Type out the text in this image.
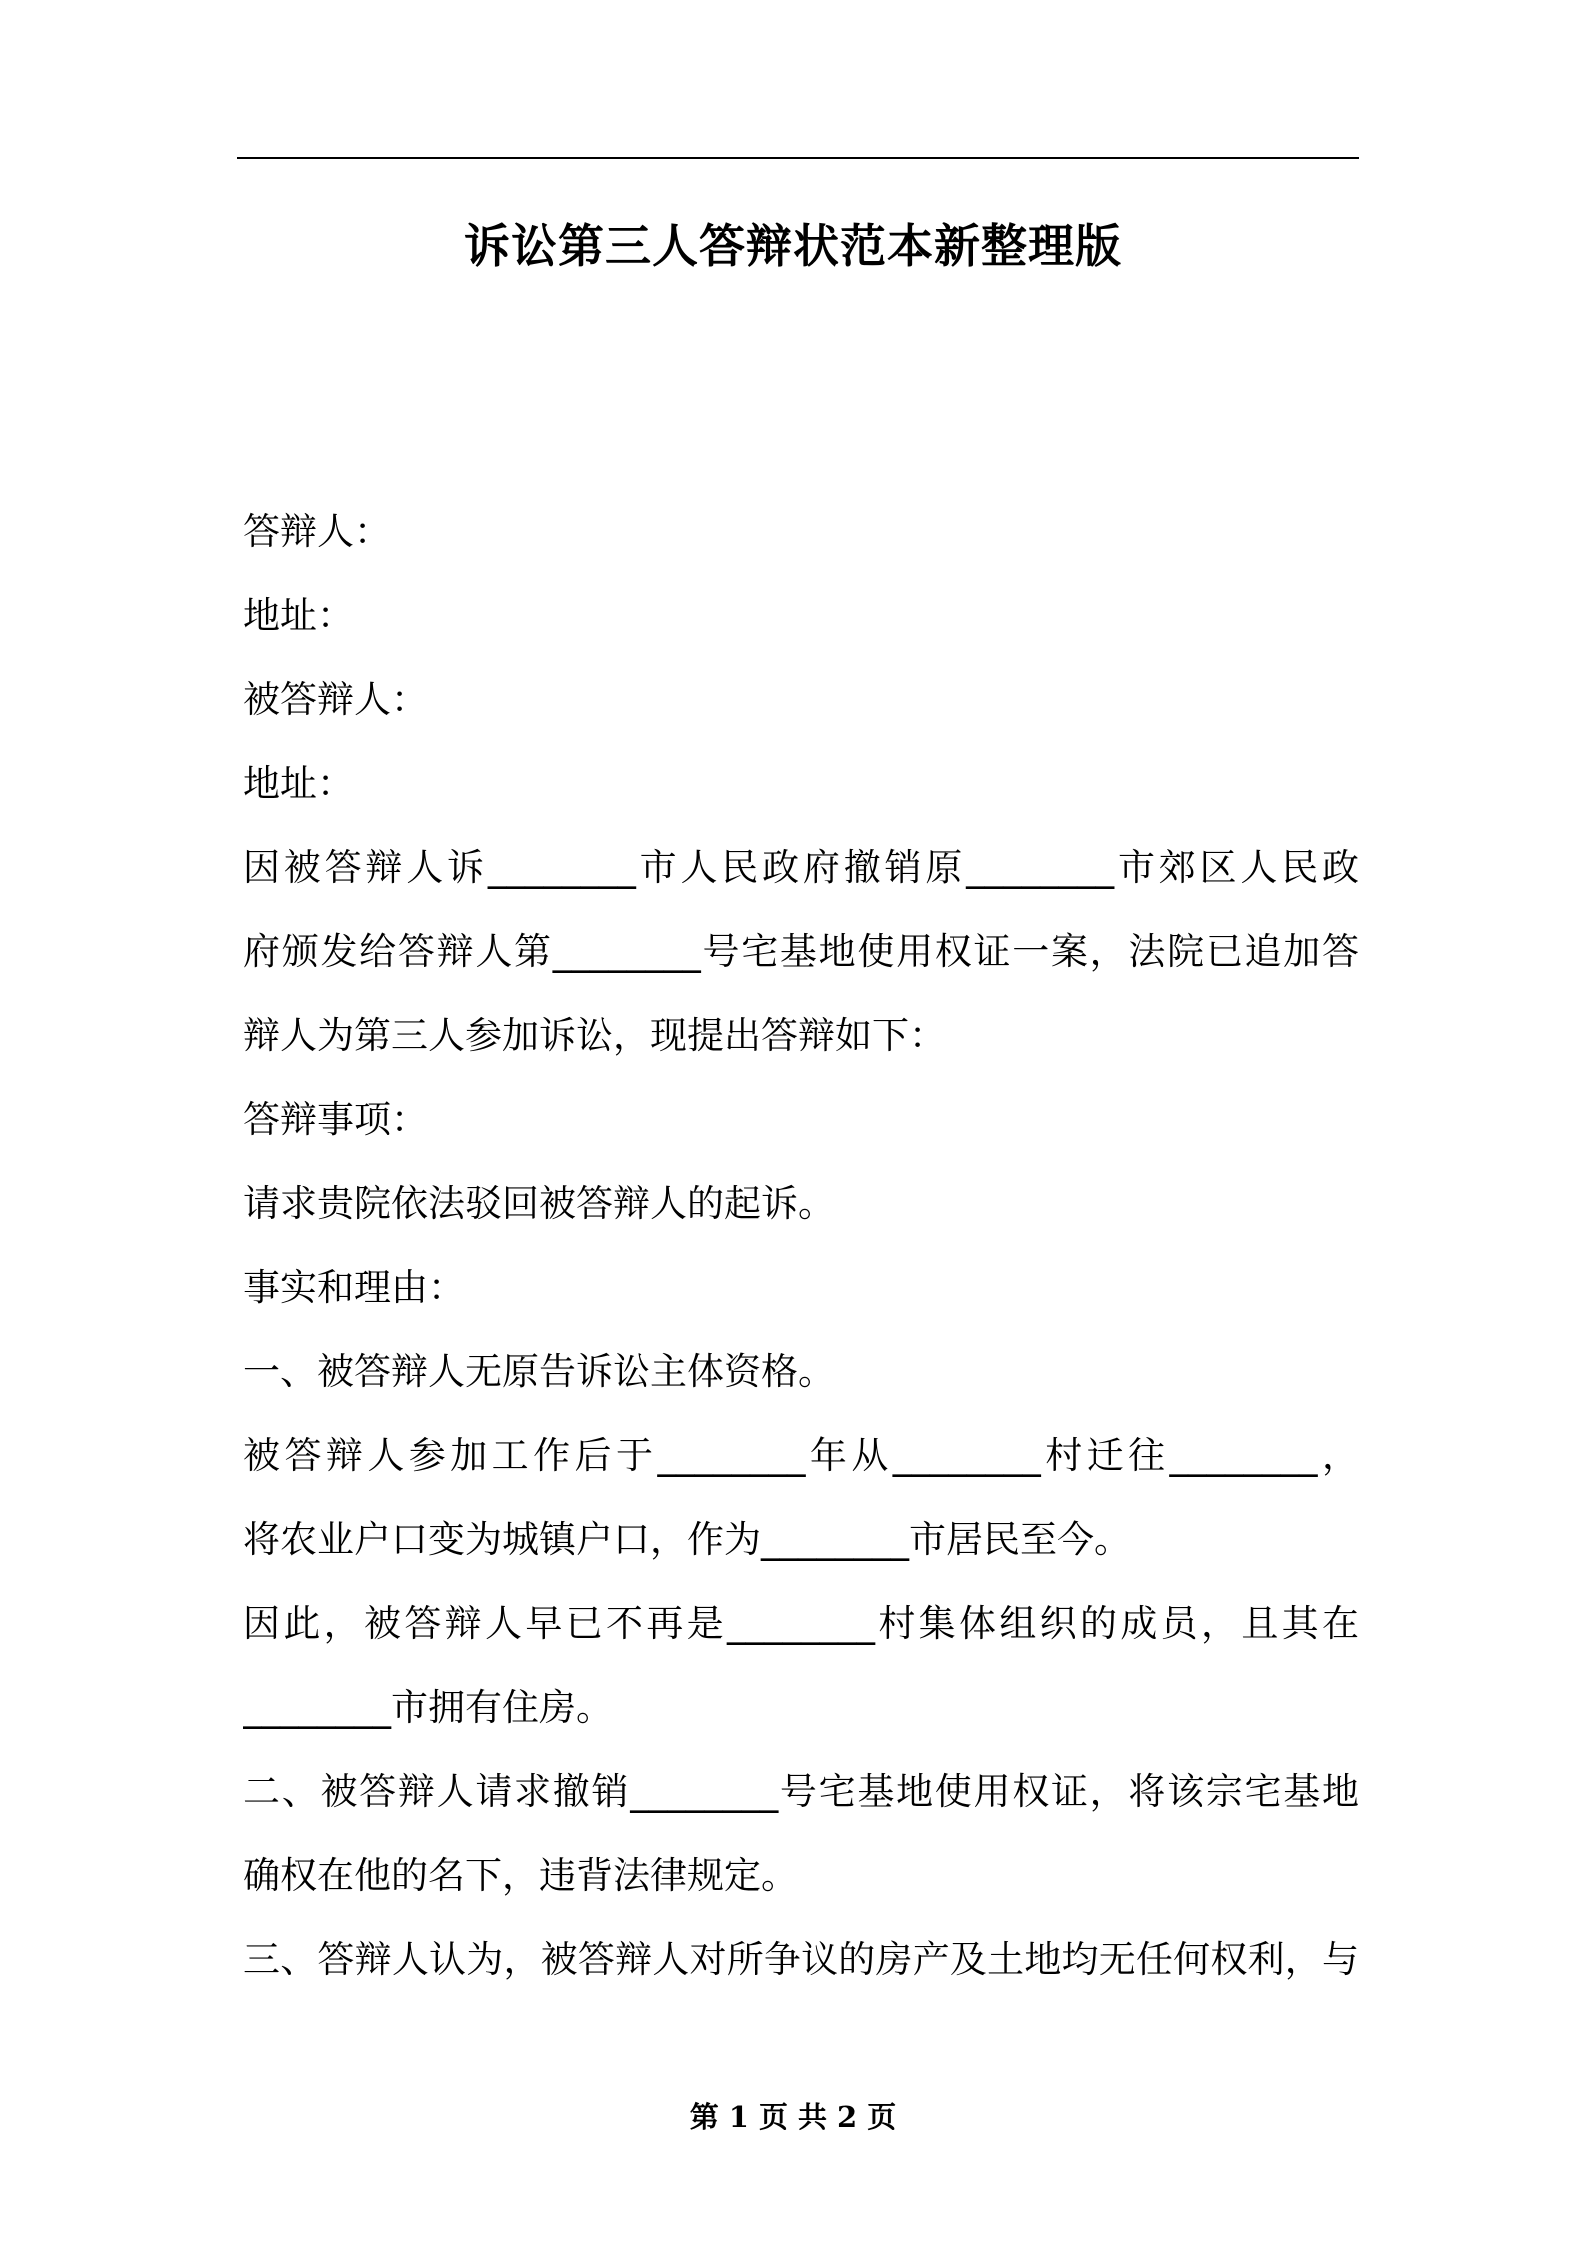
诉讼第三人答辩状范本新整理版
答辩人：
地址：
被答辩人：
地址：
因被答辩人诉________市人民政府撤销原________市郊区人民政
府颁发给答辩人第________号宅基地使用权证一案，法院已追加答
辩人为第三人参加诉讼，现提出答辩如下：
答辩事项：
请求贵院依法驳回被答辩人的起诉。
事实和理由：
一、被答辩人无原告诉讼主体资格。
被答辩人参加工作后于________年从________村迁往________，
将农业户口变为城镇户口，作为________市居民至今。
因此，被答辩人早已不再是________村集体组织的成员，且其在
________市拥有住房。
二、被答辩人请求撤销________号宅基地使用权证，将该宗宅基地
确权在他的名下，违背法律规定。
三、答辩人认为，被答辩人对所争议的房产及土地均无任何权利，与
第 1 页 共 2 页
